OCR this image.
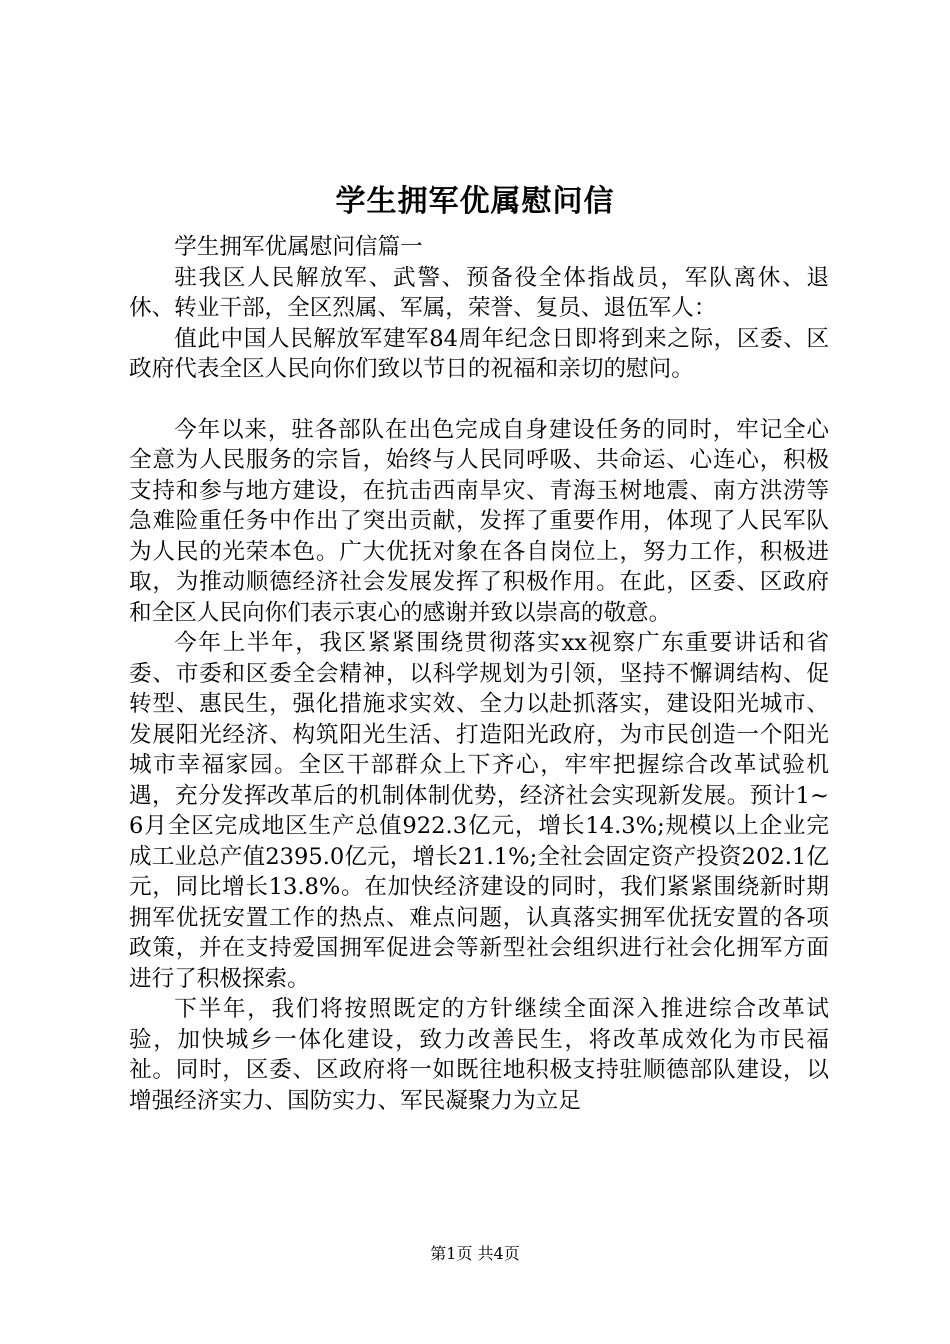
学生拥军优属慰问信

学生拥军优属慰问信篇一

驻我区人民解放军、武警、预备役全体指战员，军队离休、退休、转业干部，全区烈属、军属，荣誉、复员、退伍军人：

值此中国人民解放军建军84周年纪念日即将到来之际，区委、区政府代表全区人民向你们致以节日的祝福和亲切的慰问。

今年以来，驻各部队在出色完成自身建设任务的同时，牢记全心全意为人民服务的宗旨，始终与人民同呼吸、共命运、心连心，积极支持和参与地方建设，在抗击西南旱灾、青海玉树地震、南方洪涝等急难险重任务中作出了突出贡献，发挥了重要作用，体现了人民军队为人民的光荣本色。广大优抚对象在各自岗位上，努力工作，积极进取，为推动顺德经济社会发展发挥了积极作用。在此，区委、区政府和全区人民向你们表示衷心的感谢并致以崇高的敬意。

今年上半年，我区紧紧围绕贯彻落实xx视察广东重要讲话和省委、市委和区委全会精神，以科学规划为引领，坚持不懈调结构、促转型、惠民生，强化措施求实效、全力以赴抓落实，建设阳光城市、发展阳光经济、构筑阳光生活、打造阳光政府，为市民创造一个阳光城市幸福家园。全区干部群众上下齐心，牢牢把握综合改革试验机遇，充分发挥改革后的机制体制优势，经济社会实现新发展。预计1~6月全区完成地区生产总值922.3亿元，增长14.3%;规模以上企业完成工业总产值2395.0亿元，增长21.1%;全社会固定资产投资202.1亿元，同比增长13.8%。在加快经济建设的同时，我们紧紧围绕新时期拥军优抚安置工作的热点、难点问题，认真落实拥军优抚安置的各项政策，并在支持爱国拥军促进会等新型社会组织进行社会化拥军方面进行了积极探索。

下半年，我们将按照既定的方针继续全面深入推进综合改革试验，加快城乡一体化建设，致力改善民生，将改革成效化为市民福祉。同时，区委、区政府将一如既往地积极支持驻顺德部队建设，以增强经济实力、国防实力、军民凝聚力为立足

第1页 共4页
